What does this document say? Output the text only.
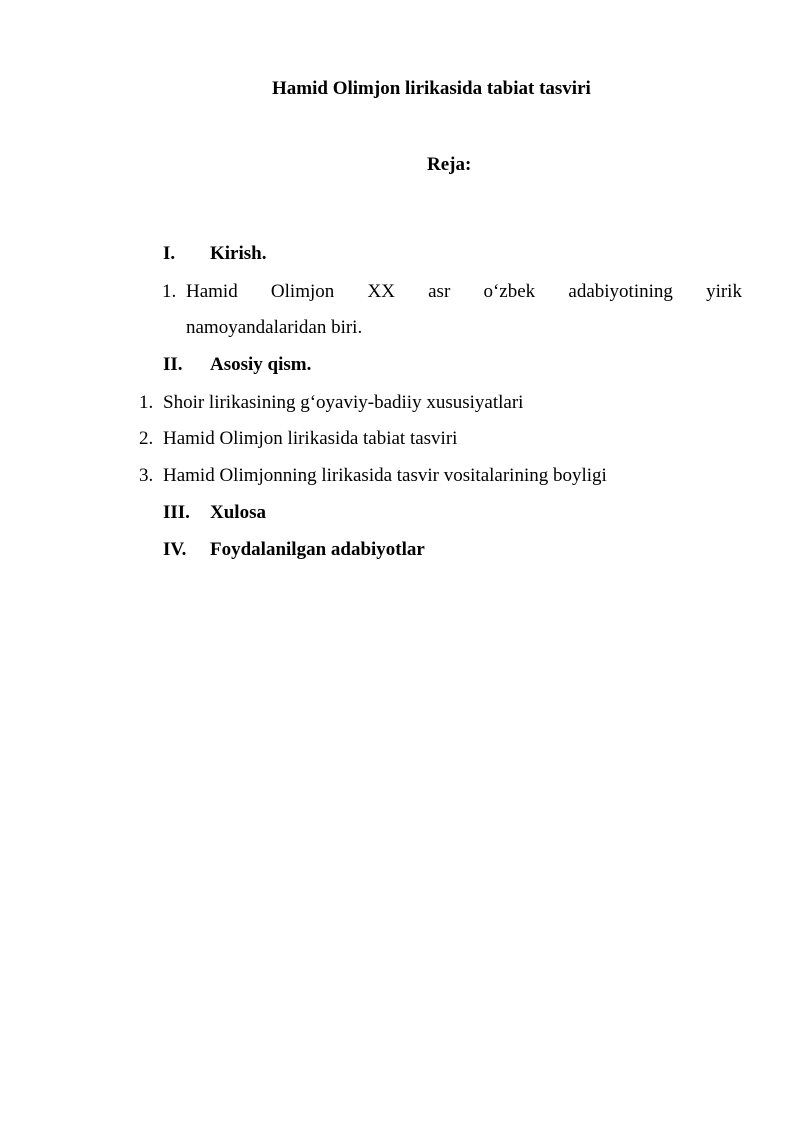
Hamid Olimjon lirikasida tabiat tasviri
Reja:
I. Kirish.
1. Hamid Olimjon XX asr o‘zbek adabiyotining yirik
namoyandalaridan biri.
II. Asosiy qism.
1. Shoir lirikasining g‘oyaviy-badiiy xususiyatlari
2. Hamid Olimjon lirikasida tabiat tasviri
3. Hamid Olimjonning lirikasida tasvir vositalarining boyligi
III. Xulosa
IV. Foydalanilgan adabiyotlar
